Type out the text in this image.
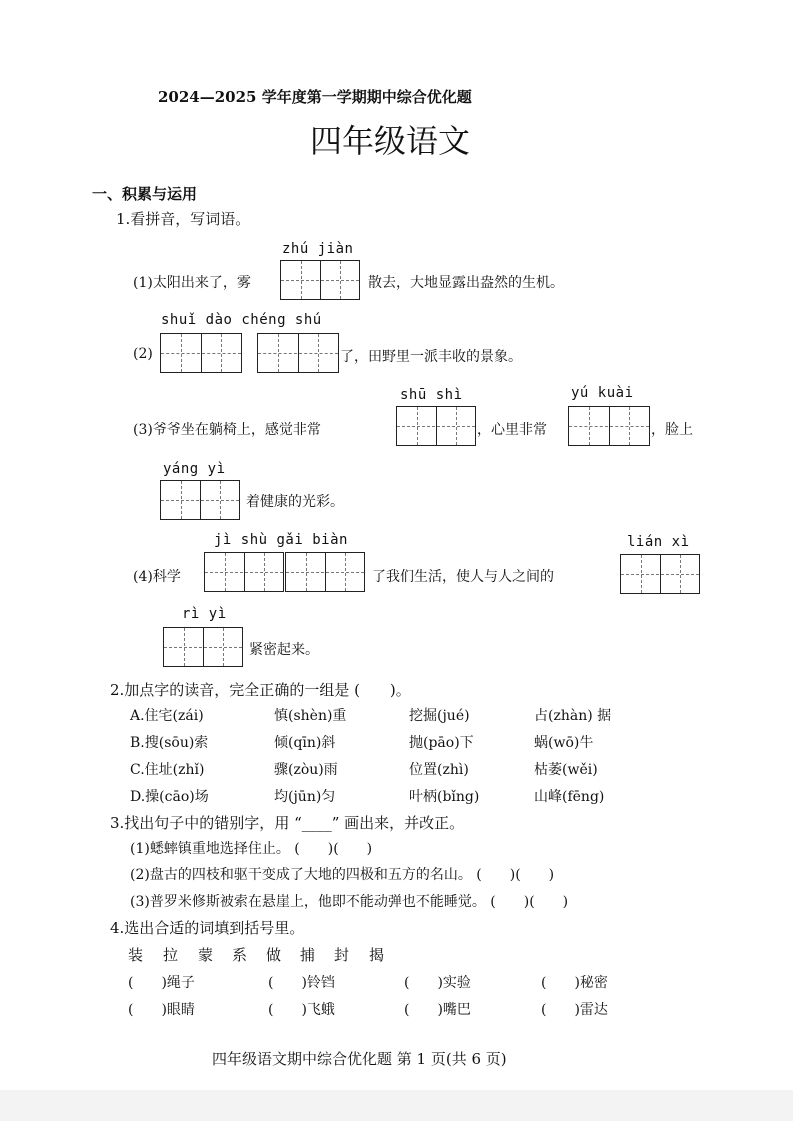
2024—2025 学年度第一学期期中综合优化题
四年级语文
一、积累与运用
1.看拼音，写词语。
zhú jiàn
(1)太阳出来了，雾	散去，大地显露出盎然的生机。
shuǐ dào chéng shú
(2)	了，田野里一派丰收的景象。
shū shì	yú kuài
(3)爷爷坐在躺椅上，感觉非常	，心里非常	，脸上
yáng yì
着健康的光彩。
jì shù gǎi biàn	lián xì
(4)科学	了我们生活，使人与人之间的
rì yì
紧密起来。
2.加点字的读音，完全正确的一组是 (　　)。
A.住宅(zái)	慎(shèn)重	挖掘(jué)	占(zhàn) 据
B.搜(sōu)索	倾(qīn)斜	抛(pāo)下	蜗(wō)牛
C.住址(zhǐ)	骤(zòu)雨	位置(zhì)	枯萎(wěi)
D.操(cāo)场	均(jūn)匀	叶柄(bǐng)	山峰(fēng)
3.找出句子中的错别字，用 “____” 画出来，并改正。
(1)蟋蟀镇重地选择住止。 (　　)(　　)
(2)盘古的四枝和驱干变成了大地的四极和五方的名山。 (　　)(　　)
(3)普罗米修斯被索在悬崖上，他即不能动弹也不能睡觉。 (　　)(　　)
4.选出合适的词填到括号里。
装 拉 蒙 系 做 捕 封 揭
(　　)绳子	(　　)铃铛	(　　)实验	(　　)秘密
(　　)眼睛	(　　)飞蛾	(　　)嘴巴	(　　)雷达
四年级语文期中综合优化题 第 1 页(共 6 页)
